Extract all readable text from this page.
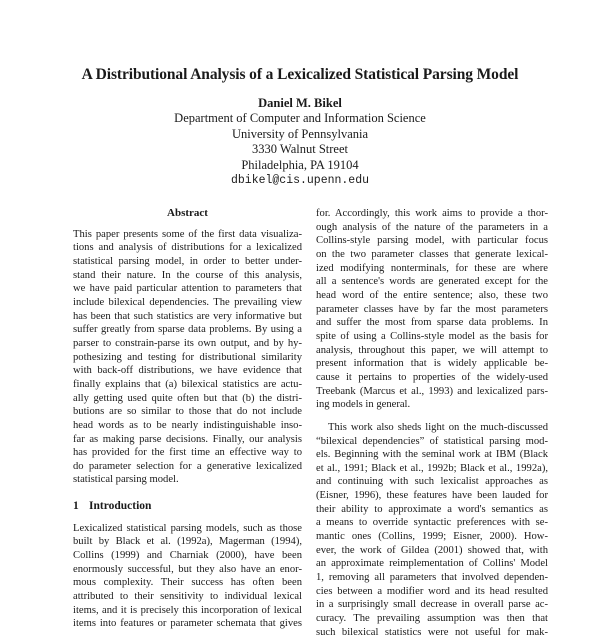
A Distributional Analysis of a Lexicalized Statistical Parsing Model
Daniel M. Bikel
Department of Computer and Information Science
University of Pennsylvania
3330 Walnut Street
Philadelphia, PA 19104
dbikel@cis.upenn.edu
Abstract
This paper presents some of the first data visualiza-
tions and analysis of distributions for a lexicalized
statistical parsing model, in order to better under-
stand their nature. In the course of this analysis,
we have paid particular attention to parameters that
include bilexical dependencies. The prevailing view
has been that such statistics are very informative but
suffer greatly from sparse data problems. By using a
parser to constrain-parse its own output, and by hy-
pothesizing and testing for distributional similarity
with back-off distributions, we have evidence that
finally explains that (a) bilexical statistics are actu-
ally getting used quite often but that (b) the distri-
butions are so similar to those that do not include
head words as to be nearly indistinguishable inso-
far as making parse decisions. Finally, our analysis
has provided for the first time an effective way to
do parameter selection for a generative lexicalized
statistical parsing model.
1 Introduction
Lexicalized statistical parsing models, such as those
built by Black et al. (1992a), Magerman (1994),
Collins (1999) and Charniak (2000), have been
enormously successful, but they also have an enor-
mous complexity. Their success has often been
attributed to their sensitivity to individual lexical
items, and it is precisely this incorporation of lexical
items into features or parameter schemata that gives
for. Accordingly, this work aims to provide a thor-
ough analysis of the nature of the parameters in a
Collins-style parsing model, with particular focus
on the two parameter classes that generate lexical-
ized modifying nonterminals, for these are where
all a sentence's words are generated except for the
head word of the entire sentence; also, these two
parameter classes have by far the most parameters
and suffer the most from sparse data problems. In
spite of using a Collins-style model as the basis for
analysis, throughout this paper, we will attempt to
present information that is widely applicable be-
cause it pertains to properties of the widely-used
Treebank (Marcus et al., 1993) and lexicalized pars-
ing models in general.
This work also sheds light on the much-discussed
“bilexical dependencies” of statistical parsing mod-
els. Beginning with the seminal work at IBM (Black
et al., 1991; Black et al., 1992b; Black et al., 1992a),
and continuing with such lexicalist approaches as
(Eisner, 1996), these features have been lauded for
their ability to approximate a word's semantics as
a means to override syntactic preferences with se-
mantic ones (Collins, 1999; Eisner, 2000). How-
ever, the work of Gildea (2001) showed that, with
an approximate reimplementation of Collins' Model
1, removing all parameters that involved dependen-
cies between a modifier word and its head resulted
in a surprisingly small decrease in overall parse ac-
curacy. The prevailing assumption was then that
such bilexical statistics were not useful for mak-
